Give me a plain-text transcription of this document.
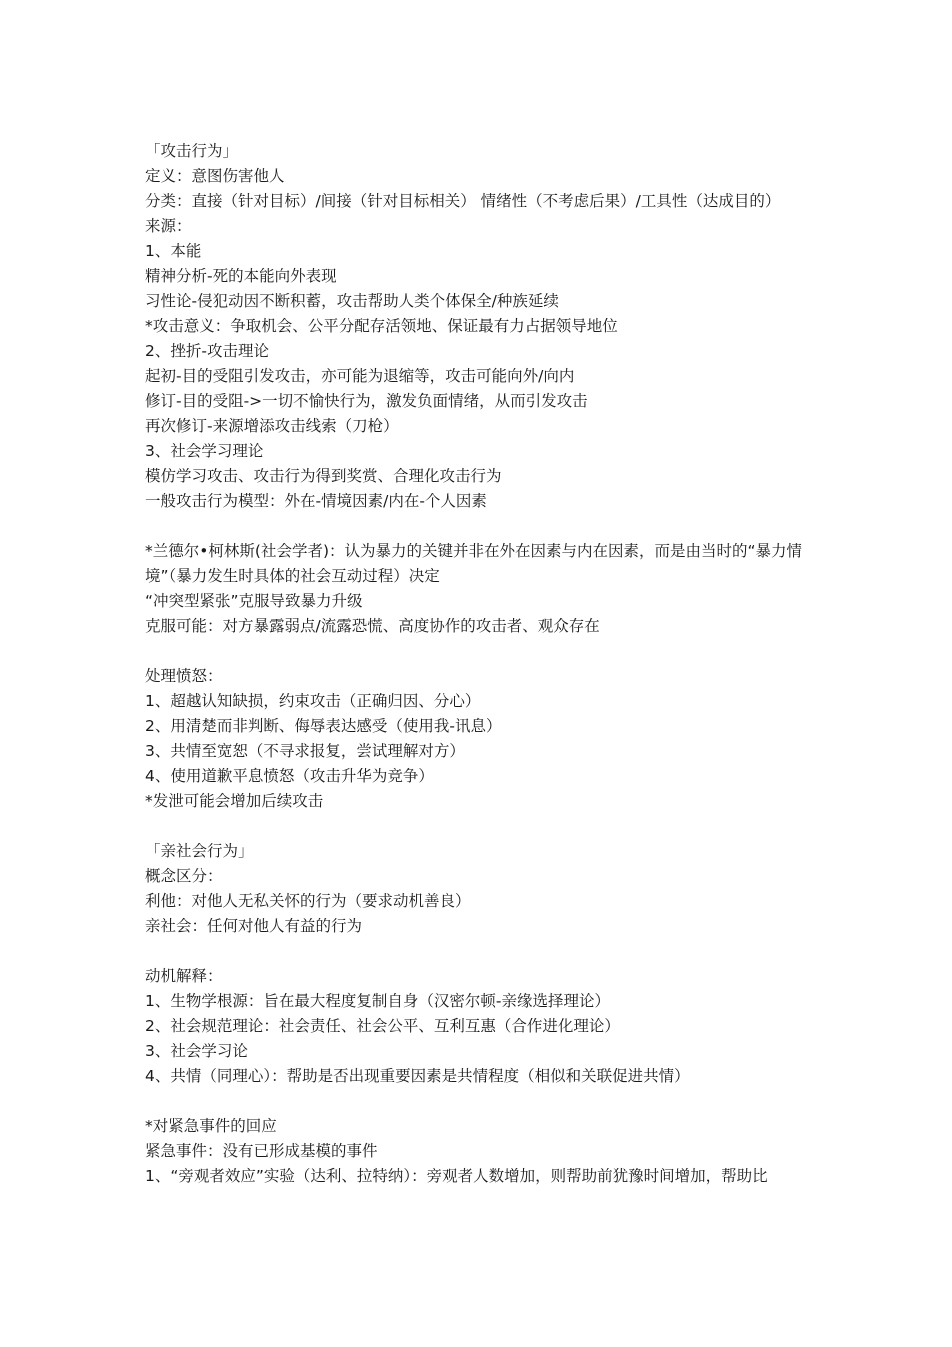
「攻击行为」
定义：意图伤害他人
分类：直接（针对目标）/间接（针对目标相关） 情绪性（不考虑后果）/工具性（达成目的）
来源：
1、本能
精神分析-死的本能向外表现
习性论-侵犯动因不断积蓄，攻击帮助人类个体保全/种族延续
*攻击意义：争取机会、公平分配存活领地、保证最有力占据领导地位
2、挫折-攻击理论
起初-目的受阻引发攻击，亦可能为退缩等，攻击可能向外/向内
修订-目的受阻->一切不愉快行为，激发负面情绪，从而引发攻击
再次修订-来源增添攻击线索（刀枪）
3、社会学习理论
模仿学习攻击、攻击行为得到奖赏、合理化攻击行为
一般攻击行为模型：外在-情境因素/内在-个人因素
*兰德尔•柯林斯(社会学者)：认为暴力的关键并非在外在因素与内在因素，而是由当时的“暴力情境”（暴力发生时具体的社会互动过程）决定
“冲突型紧张”克服导致暴力升级
克服可能：对方暴露弱点/流露恐慌、高度协作的攻击者、观众存在
处理愤怒：
1、超越认知缺损，约束攻击（正确归因、分心）
2、用清楚而非判断、侮辱表达感受（使用我-讯息）
3、共情至宽恕（不寻求报复，尝试理解对方）
4、使用道歉平息愤怒（攻击升华为竞争）
*发泄可能会增加后续攻击
「亲社会行为」
概念区分：
利他：对他人无私关怀的行为（要求动机善良）
亲社会：任何对他人有益的行为
动机解释：
1、生物学根源：旨在最大程度复制自身（汉密尔顿-亲缘选择理论）
2、社会规范理论：社会责任、社会公平、互利互惠（合作进化理论）
3、社会学习论
4、共情（同理心）：帮助是否出现重要因素是共情程度（相似和关联促进共情）
*对紧急事件的回应
紧急事件：没有已形成基模的事件
1、“旁观者效应”实验（达利、拉特纳）：旁观者人数增加，则帮助前犹豫时间增加，帮助比
